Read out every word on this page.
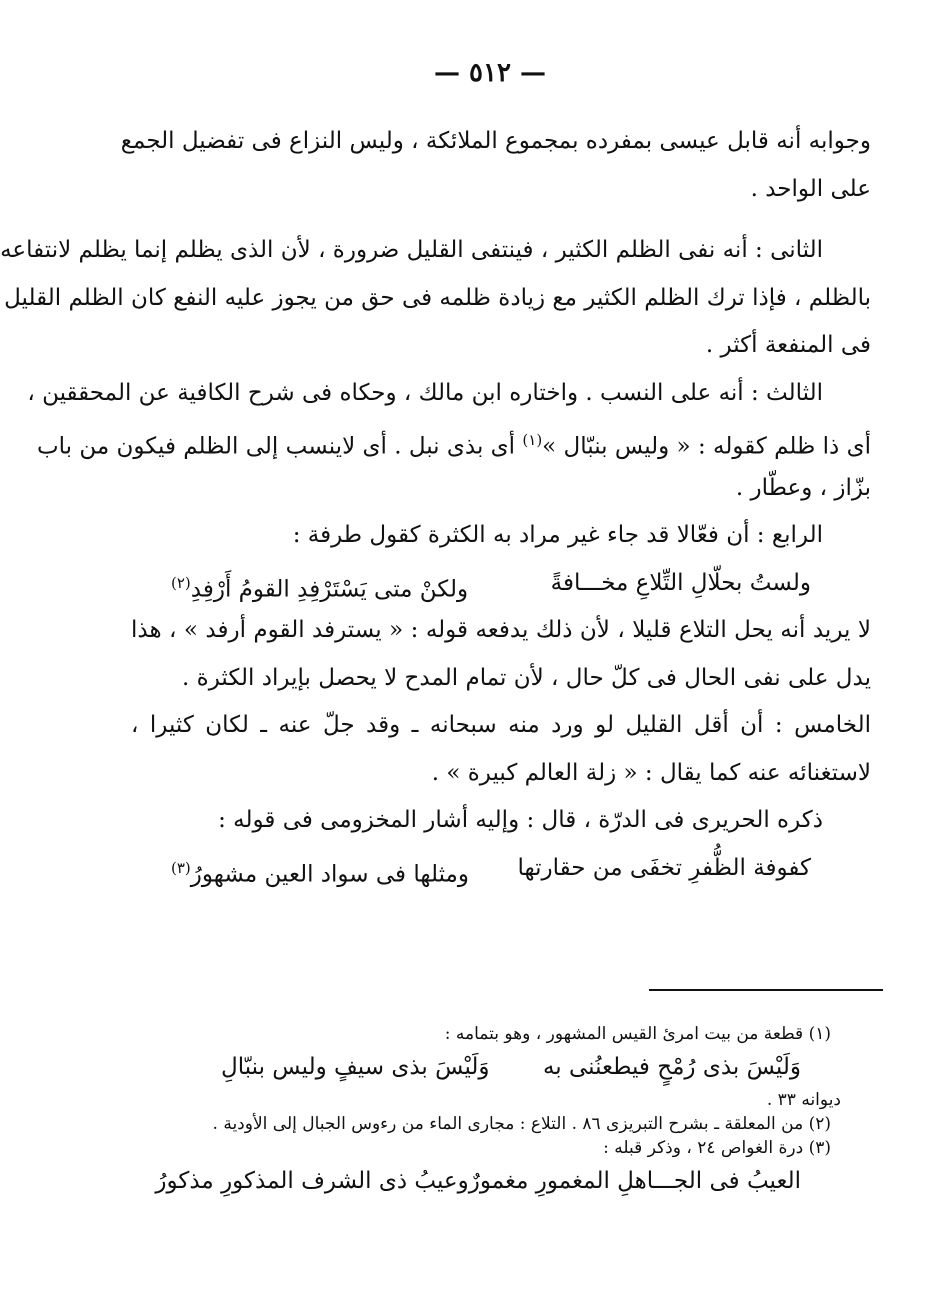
— ٥١٢ —
وجوابه أنه قابل عيسى بمفرده بمجموع الملائكة ، وليس النزاع فى تفضيل الجمع
على الواحد .
الثانى : أنه نفى الظلم الكثير ، فينتفى القليل ضرورة ، لأن الذى يظلم إنما يظلم لانتفاعه
بالظلم ، فإذا ترك الظلم الكثير مع زيادة ظلمه فى حق من يجوز عليه النفع كان الظلم القليل
فى المنفعة أكثر .
الثالث : أنه على النسب . واختاره ابن مالك ، وحكاه فى شرح الكافية عن المحققين ،
أى ذا ظلم كقوله : « وليس بنبّال »$^{(١)}$ أى بذى نبل . أى لاينسب إلى الظلم فيكون من باب
بزّاز ، وعطّار .
الرابع : أن فعّالا قد جاء غير مراد به الكثرة كقول طرفة :
ولستُ بحلّالِ التِّلاعِ مخـــافةً
ولكنْ متى يَسْتَرْفِدِ القومُ أَرْفِدِ$^{(٢)}$
لا يريد أنه يحل التلاع قليلا ، لأن ذلك يدفعه قوله : « يسترفد القوم أرفد » ، هذا
يدل على نفى الحال فى كلّ حال ، لأن تمام المدح لا يحصل بإيراد الكثرة .
الخامس : أن أقل القليل لو ورد منه سبحانه ـ وقد جلّ عنه ـ لكان كثيرا ،
لاستغنائه عنه كما يقال : « زلة العالم كبيرة » .
ذكره الحريرى فى الدرّة ، قال : وإليه أشار المخزومى فى قوله :
كفوفة الظُّفرِ تخفَى من حقارتها
ومثلها فى سواد العين مشهورُ$^{(٣)}$
(١) قطعة من بيت امرئ القيس المشهور ، وهو بتمامه :
وَلَيْسَ بذى رُمْحٍ فيطعنُنى به
وَلَيْسَ بذى سيفٍ وليس بنبّالِ
ديوانه ٣٣ .
(٢) من المعلقة ـ بشرح التبريزى ٨٦ . التلاع : مجارى الماء من رءوس الجبال إلى الأودية .
(٣) درة الغواص ٢٤ ، وذكر قبله :
العيبُ فى الجـــاهلِ المغمورِ مغمورٌ
وعيبُ ذى الشرف المذكورِ مذكورُ
